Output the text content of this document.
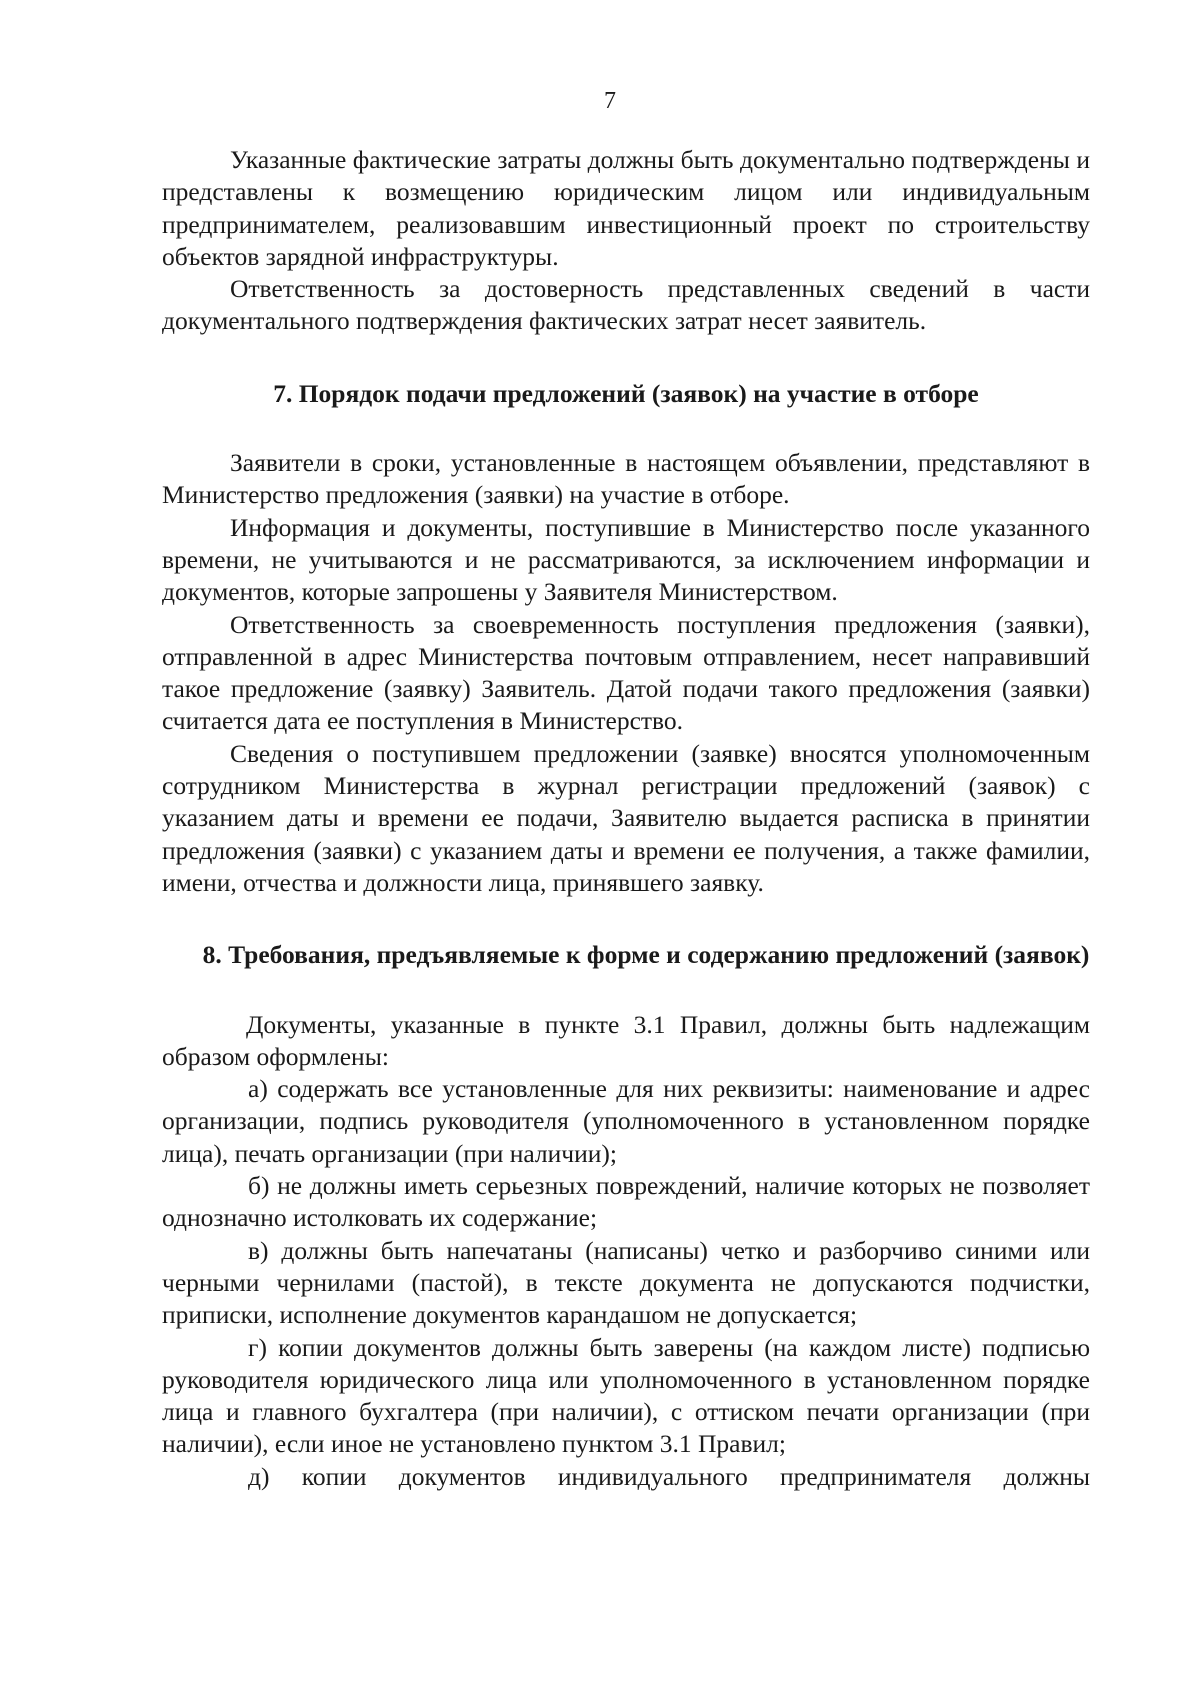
7

Указанные фактические затраты должны быть документально подтверждены и представлены к возмещению юридическим лицом или индивидуальным предпринимателем, реализовавшим инвестиционный проект по строительству объектов зарядной инфраструктуры.

Ответственность за достоверность представленных сведений в части документального подтверждения фактических затрат несет заявитель.

7. Порядок подачи предложений (заявок) на участие в отборе

Заявители в сроки, установленные в настоящем объявлении, представляют в Министерство предложения (заявки) на участие в отборе.

Информация и документы, поступившие в Министерство после указанного времени, не учитываются и не рассматриваются, за исключением информации и документов, которые запрошены у Заявителя Министерством.

Ответственность за своевременность поступления предложения (заявки), отправленной в адрес Министерства почтовым отправлением, несет направивший такое предложение (заявку) Заявитель. Датой подачи такого предложения (заявки) считается дата ее поступления в Министерство.

Сведения о поступившем предложении (заявке) вносятся уполномоченным сотрудником Министерства в журнал регистрации предложений (заявок) с указанием даты и времени ее подачи, Заявителю выдается расписка в принятии предложения (заявки) с указанием даты и времени ее получения, а также фамилии, имени, отчества и должности лица, принявшего заявку.

8. Требования, предъявляемые к форме и содержанию предложений (заявок)

Документы, указанные в пункте 3.1 Правил, должны быть надлежащим образом оформлены:

а) содержать все установленные для них реквизиты: наименование и адрес организации, подпись руководителя (уполномоченного в установленном порядке лица), печать организации (при наличии);

б) не должны иметь серьезных повреждений, наличие которых не позволяет однозначно истолковать их содержание;

в) должны быть напечатаны (написаны) четко и разборчиво синими или черными чернилами (пастой), в тексте документа не допускаются подчистки, приписки, исполнение документов карандашом не допускается;

г) копии документов должны быть заверены (на каждом листе) подписью руководителя юридического лица или уполномоченного в установленном порядке лица и главного бухгалтера (при наличии), с оттиском печати организации (при наличии), если иное не установлено пунктом 3.1 Правил;

д) копии документов индивидуального предпринимателя должны
